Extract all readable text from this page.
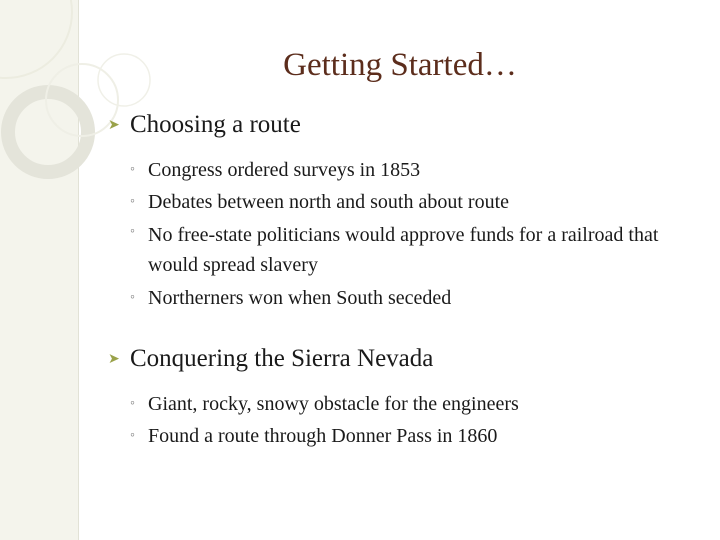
Getting Started…
➤ Choosing a route
◦ Congress ordered surveys in 1853
◦ Debates between north and south about route
◦ No free-state politicians would approve funds for a railroad that would spread slavery
◦ Northerners won when South seceded
➤ Conquering the Sierra Nevada
◦ Giant, rocky, snowy obstacle for the engineers
◦ Found a route through Donner Pass in 1860
